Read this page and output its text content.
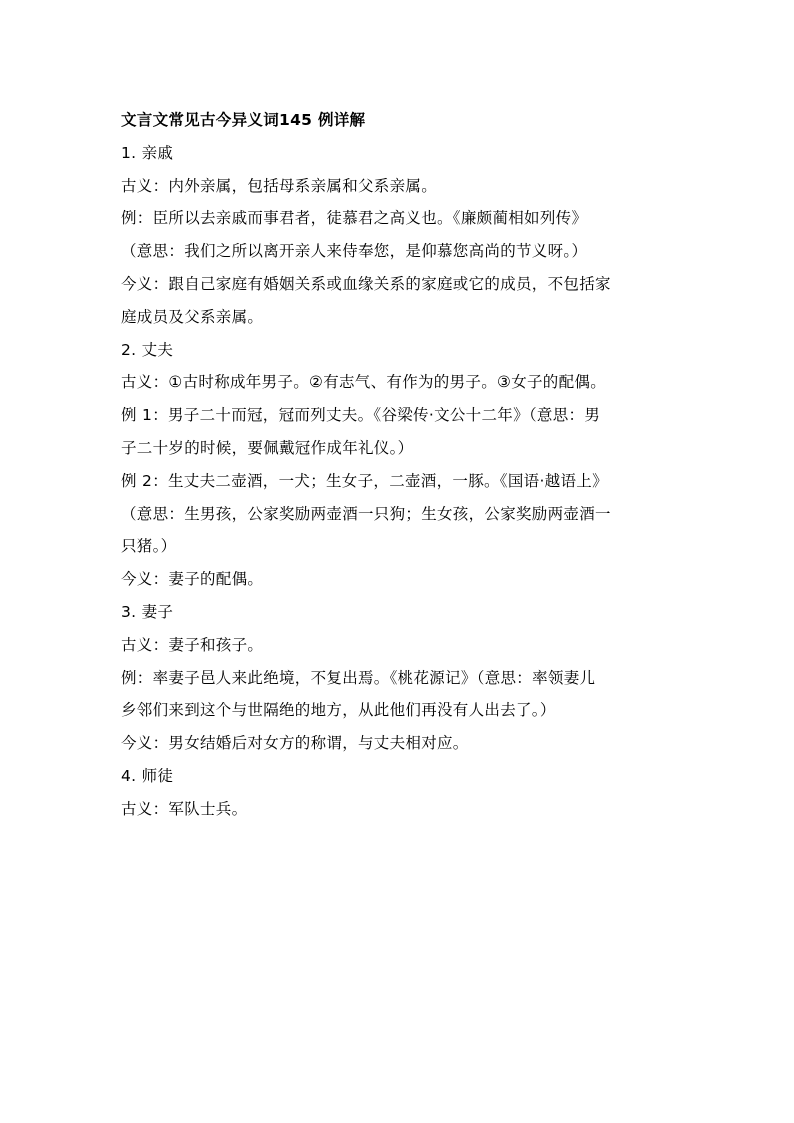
文言文常见古今异义词145 例详解
1. 亲戚
古义：内外亲属，包括母系亲属和父系亲属。
例：臣所以去亲戚而事君者，徒慕君之高义也。《廉颇蔺相如列传》
（意思：我们之所以离开亲人来侍奉您，是仰慕您高尚的节义呀。）
今义：跟自己家庭有婚姻关系或血缘关系的家庭或它的成员，不包括家
庭成员及父系亲属。
2. 丈夫
古义：①古时称成年男子。②有志气、有作为的男子。③女子的配偶。
例 1：男子二十而冠，冠而列丈夫。《谷梁传·文公十二年》（意思：男
子二十岁的时候，要佩戴冠作成年礼仪。）
例 2：生丈夫二壶酒，一犬；生女子，二壶酒，一豚。《国语·越语上》
（意思：生男孩，公家奖励两壶酒一只狗；生女孩，公家奖励两壶酒一
只猪。）
今义：妻子的配偶。
3. 妻子
古义：妻子和孩子。
例：率妻子邑人来此绝境，不复出焉。《桃花源记》（意思：率领妻儿
乡邻们来到这个与世隔绝的地方，从此他们再没有人出去了。）
今义：男女结婚后对女方的称谓，与丈夫相对应。
4. 师徒
古义：军队士兵。
